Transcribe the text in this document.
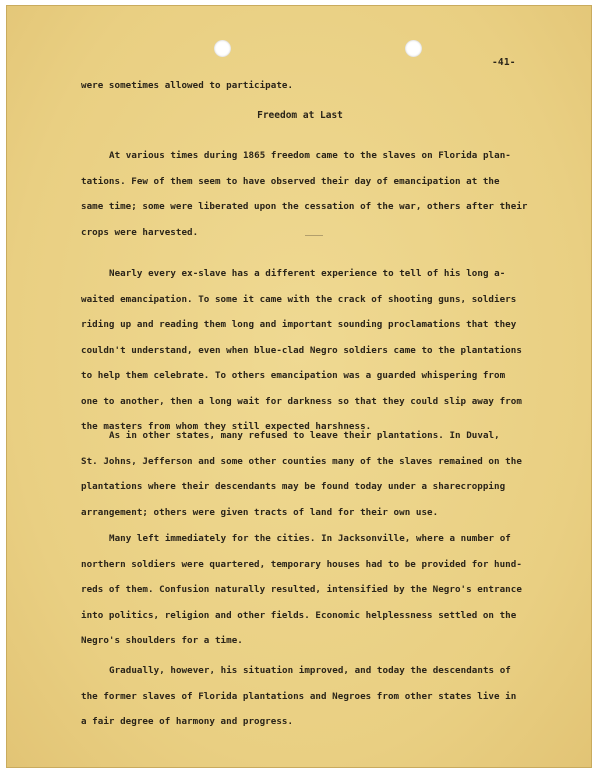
-41-
were sometimes allowed to participate.
Freedom at Last
At various times during 1865 freedom came to the slaves on Florida plan-
tations. Few of them seem to have observed their day of emancipation at the
same time; some were liberated upon the cessation of the war, others after their
crops were harvested.
Nearly every ex-slave has a different experience to tell of his long a-
waited emancipation. To some it came with the crack of shooting guns, soldiers
riding up and reading them long and important sounding proclamations that they
couldn't understand, even when blue-clad Negro soldiers came to the plantations
to help them celebrate. To others emancipation was a guarded whispering from
one to another, then a long wait for darkness so that they could slip away from
the masters from whom they still expected harshness.
As in other states, many refused to leave their plantations. In Duval,
St. Johns, Jefferson and some other counties many of the slaves remained on the
plantations where their descendants may be found today under a sharecropping
arrangement; others were given tracts of land for their own use.
Many left immediately for the cities. In Jacksonville, where a number of
northern soldiers were quartered, temporary houses had to be provided for hund-
reds of them. Confusion naturally resulted, intensified by the Negro's entrance
into politics, religion and other fields. Economic helplessness settled on the
Negro's shoulders for a time.
Gradually, however, his situation improved, and today the descendants of
the former slaves of Florida plantations and Negroes from other states live in
a fair degree of harmony and progress.
